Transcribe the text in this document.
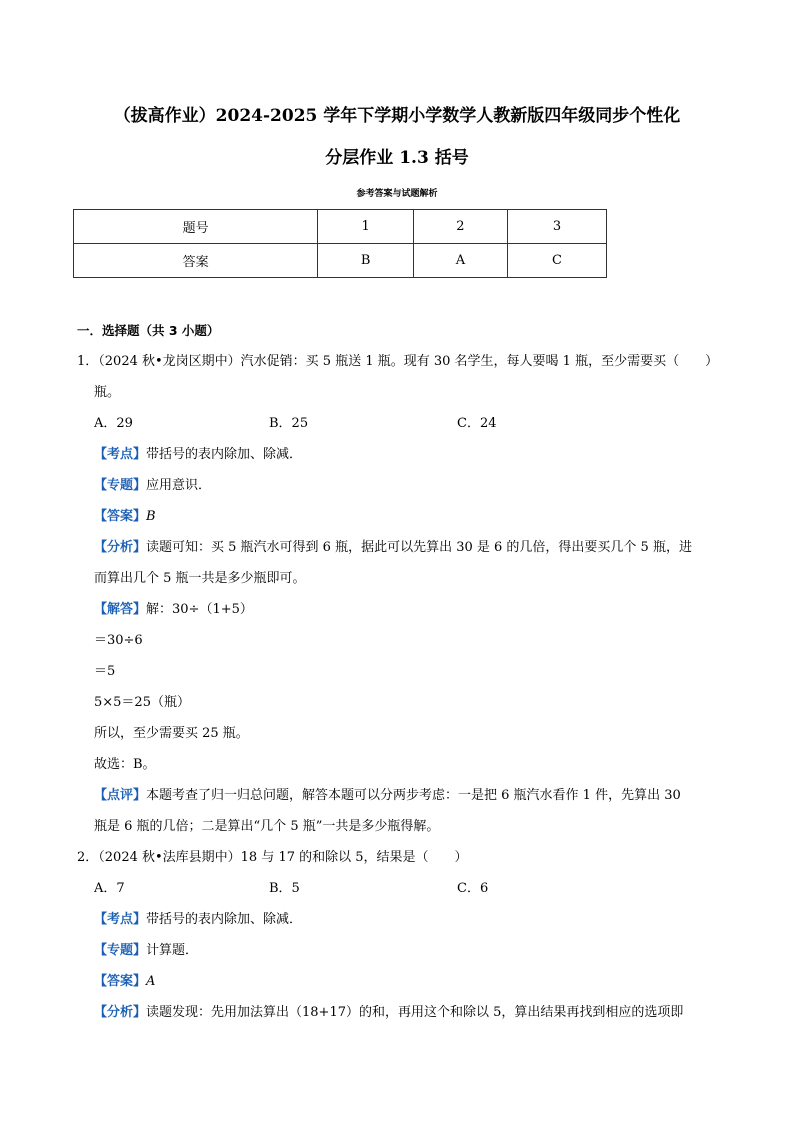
（拔高作业）2024-2025 学年下学期小学数学人教新版四年级同步个性化
分层作业 1.3 括号
参考答案与试题解析
题号	1	2	3
答案	B	A	C
一．选择题（共 3 小题）
1．（2024 秋•龙岗区期中）汽水促销：买 5 瓶送 1 瓶。现有 30 名学生，每人要喝 1 瓶，至少需要买（　　）
瓶。
A．29	B．25	C．24
【考点】带括号的表内除加、除减．
【专题】应用意识．
【答案】B
【分析】读题可知：买 5 瓶汽水可得到 6 瓶，据此可以先算出 30 是 6 的几倍，得出要买几个 5 瓶，进
而算出几个 5 瓶一共是多少瓶即可。
【解答】解：30÷（1+5）
＝30÷6
＝5
5×5＝25（瓶）
所以，至少需要买 25 瓶。
故选：B。
【点评】本题考查了归一归总问题，解答本题可以分两步考虑：一是把 6 瓶汽水看作 1 件，先算出 30
瓶是 6 瓶的几倍；二是算出“几个 5 瓶”一共是多少瓶得解。
2．（2024 秋•法库县期中）18 与 17 的和除以 5，结果是（　　）
A．7	B．5	C．6
【考点】带括号的表内除加、除减．
【专题】计算题．
【答案】A
【分析】读题发现：先用加法算出（18+17）的和，再用这个和除以 5，算出结果再找到相应的选项即
